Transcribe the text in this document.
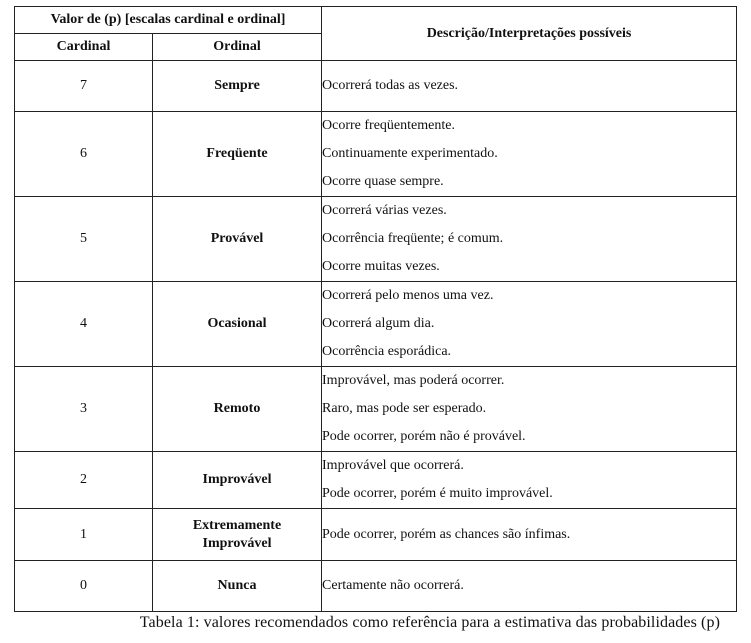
Valor de (p) [escalas cardinal e ordinal]		Descrição/Interpretações possíveis
Cardinal	Ordinal	
7	Sempre	Ocorrerá todas as vezes.

6	Freqüente	Ocorre freqüentemente.
Continuamente experimentado.
Ocorre quase sempre.

5	Provável	Ocorrerá várias vezes.
Ocorrência freqüente; é comum.
Ocorre muitas vezes.

4	Ocasional	Ocorrerá pelo menos uma vez.
Ocorrerá algum dia.
Ocorrência esporádica.

3	Remoto	Improvável, mas poderá ocorrer.
Raro, mas pode ser esperado.
Pode ocorrer, porém não é provável.

2	Improvável	Improvável que ocorrerá.
Pode ocorrer, porém é muito improvável.

1	Extremamente Improvável	Pode ocorrer, porém as chances são ínfimas.

0	Nunca	Certamente não ocorrerá.
Tabela 1: valores recomendados como referência para a estimativa das probabilidades (p)
